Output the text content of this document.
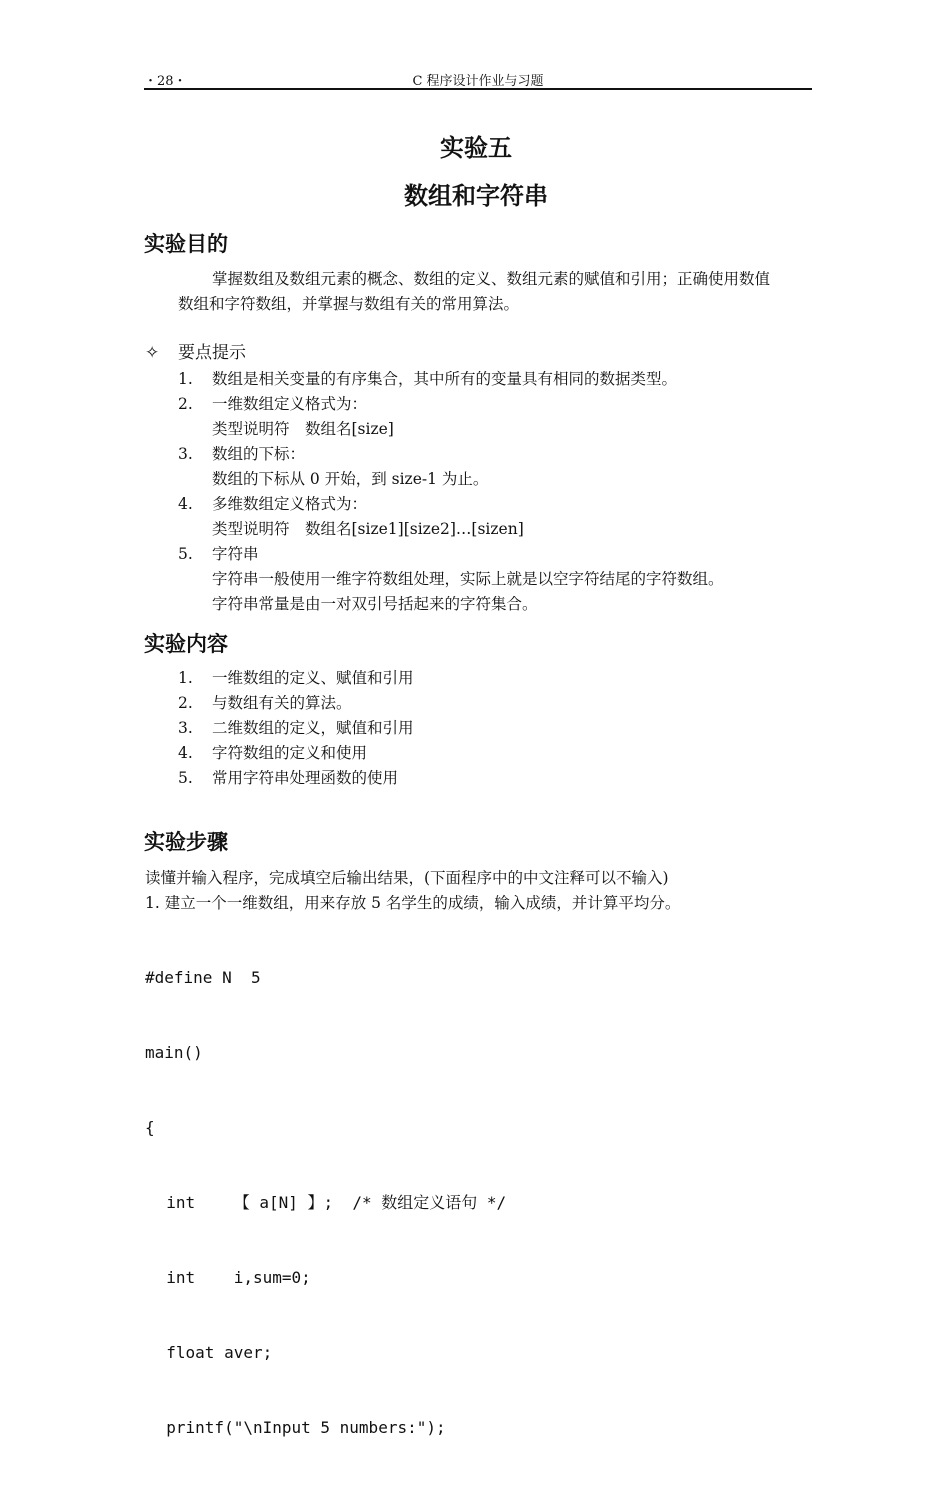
・28・	C 程序设计作业与习题
实验五
数组和字符串
实验目的
掌握数组及数组元素的概念、数组的定义、数组元素的赋值和引用；正确使用数值
数组和字符数组，并掌握与数组有关的常用算法。
✧ 要点提示
1.	数组是相关变量的有序集合，其中所有的变量具有相同的数据类型。
2.	一维数组定义格式为：
类型说明符　数组名[size]
3.	数组的下标：
数组的下标从 0 开始，到 size-1 为止。
4.	多维数组定义格式为：
类型说明符　数组名[size1][size2]…[sizen]
5.	字符串
字符串一般使用一维字符数组处理，实际上就是以空字符结尾的字符数组。
字符串常量是由一对双引号括起来的字符集合。
实验内容
1.	一维数组的定义、赋值和引用
2.	与数组有关的算法。
3.	二维数组的定义，赋值和引用
4.	字符数组的定义和使用
5.	常用字符串处理函数的使用
实验步骤
读懂并输入程序，完成填空后输出结果，(下面程序中的中文注释可以不输入)
1. 建立一个一维数组，用来存放 5 名学生的成绩，输入成绩，并计算平均分。

#define N  5

main()

{

int    【 a[N] 】;  /* 数组定义语句 */

int    i,sum=0;

float aver;

printf("\nInput 5 numbers:");
